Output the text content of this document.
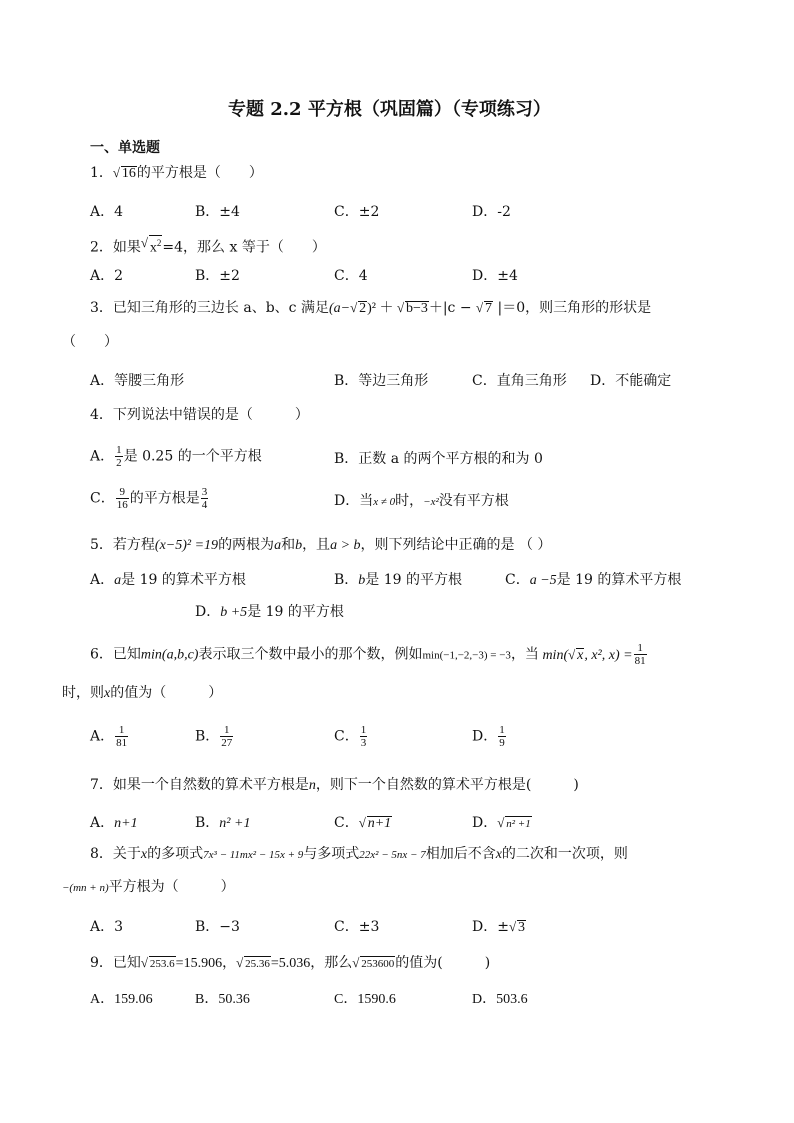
专题 2.2 平方根（巩固篇）（专项练习）
一、单选题
1． √ 16的平方根是（　　）
A．4	B．±4	C．±2	D．-2
2．如果 √ $x^2=4$，那么 x 等于（　　）
A．2	B．±2	C．4	D．±4
3．已知三角形的三边长 a、b、c 满足(a− √ 2)² ＋ √ b−3＋|c − √ 7 |＝0，则三角形的形状是
（　　）
A．等腰三角形	B．等边三角形	C．直角三角形 D．不能确定
4．下列说法中错误的是（　　　）
A． $\frac{1}{2}$ 是 0.25 的一个平方根	B．正数 a 的两个平方根的和为 0
C． $\frac{9}{16}$ 的平方根是 $\frac{3}{4}$	D．当x ≠ 0时，−x²没有平方根
5．若方程(x−5)² =19的两根为a和b，且a > b，则下列结论中正确的是 （ ）
A．a是 19 的算术平方根	B．b是 19 的平方根	C．a −5是 19 的算术平方根
D．b +5是 19 的平方根
6．已知min(a,b,c)表示取三个数中最小的那个数，例如min(−1,−2,−3) = −3，当 min( √ x, x², $x) = \frac{1}{81}$
时，则x的值为（　　　）
A． $\frac{1}{81}$	B． $\frac{1}{27}$	C． $\frac{1}{3}$	D． $\frac{1}{9}$
7．如果一个自然数的算术平方根是n，则下一个自然数的算术平方根是(　　　)
A．n+1	B．n² +1	C． √ n+1	D． √ n² +1
8．关于x的多项式7x³ − 11mx² − 15x + 9与多项式22x² − 5nx − 7相加后不含x的二次和一次项，则
−(mn + n)平方根为（　　　）
A．3	B．−3	C．±3	D．± √ 3
9．已知 √ 253.6=15.906， √ 25.36=5.036，那么 √ 253600的值为(　　　)
A．159.06	B．50.36	C．1590.6	D．503.6
